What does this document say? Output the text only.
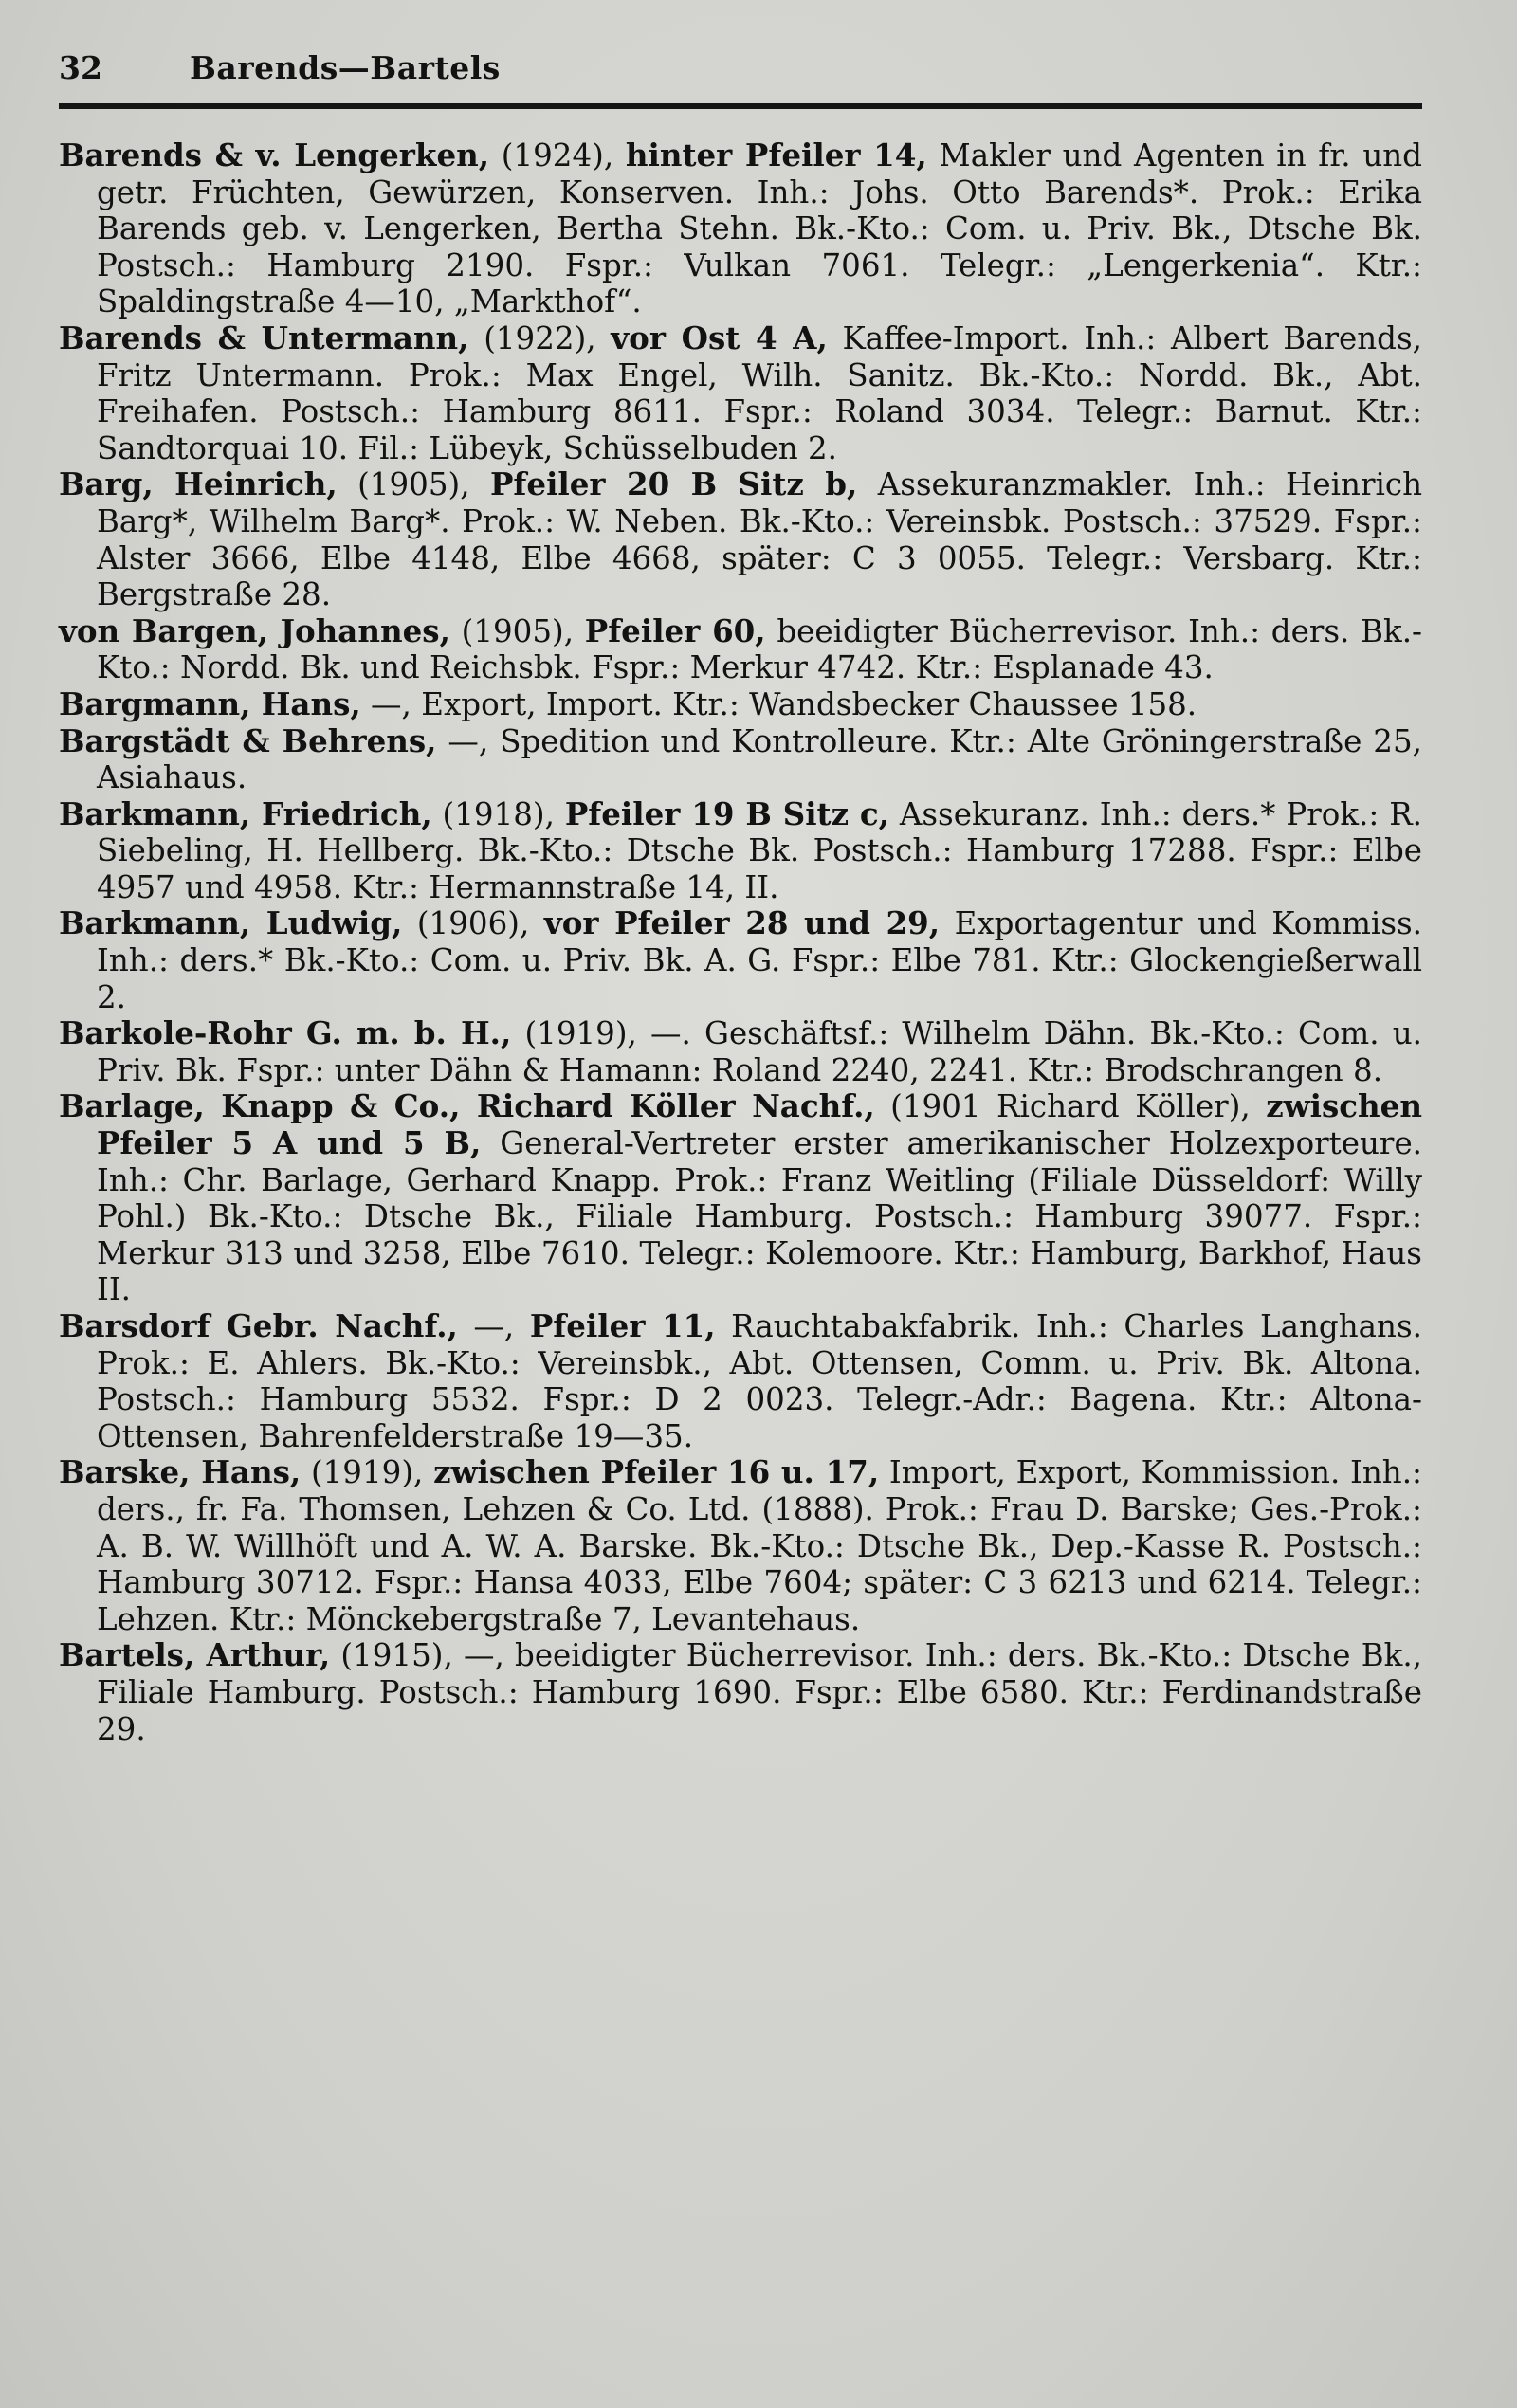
32	Barends—Bartels

Barends & v. Lengerken, (1924), hinter Pfeiler 14, Makler und Agenten in fr. und getr. Früchten, Gewürzen, Konserven. Inh.: Johs. Otto Barends*. Prok.: Erika Barends geb. v. Lengerken, Bertha Stehn. Bk.-Kto.: Com. u. Priv. Bk., Dtsche Bk. Postsch.: Hamburg 2190. Fspr.: Vulkan 7061. Telegr.: „Lengerkenia“. Ktr.: Spaldingstraße 4—10, „Markthof“.

Barends & Untermann, (1922), vor Ost 4 A, Kaffee-Import. Inh.: Albert Barends, Fritz Untermann. Prok.: Max Engel, Wilh. Sanitz. Bk.-Kto.: Nordd. Bk., Abt. Freihafen. Postsch.: Hamburg 8611. Fspr.: Roland 3034. Telegr.: Barnut. Ktr.: Sandtorquai 10. Fil.: Lübeyk, Schüsselbuden 2.

Barg, Heinrich, (1905), Pfeiler 20 B Sitz b, Assekuranzmakler. Inh.: Heinrich Barg*, Wilhelm Barg*. Prok.: W. Neben. Bk.-Kto.: Vereinsbk. Postsch.: 37529. Fspr.: Alster 3666, Elbe 4148, Elbe 4668, später: C 3 0055. Telegr.: Versbarg. Ktr.: Bergstraße 28.

von Bargen, Johannes, (1905), Pfeiler 60, beeidigter Bücherrevisor. Inh.: ders. Bk.-Kto.: Nordd. Bk. und Reichsbk. Fspr.: Merkur 4742. Ktr.: Esplanade 43.

Bargmann, Hans, —, Export, Import. Ktr.: Wandsbecker Chaussee 158.

Bargstädt & Behrens, —, Spedition und Kontrolleure. Ktr.: Alte Gröningerstraße 25, Asiahaus.

Barkmann, Friedrich, (1918), Pfeiler 19 B Sitz c, Assekuranz. Inh.: ders.* Prok.: R. Siebeling, H. Hellberg. Bk.-Kto.: Dtsche Bk. Postsch.: Hamburg 17288. Fspr.: Elbe 4957 und 4958. Ktr.: Hermannstraße 14, II.

Barkmann, Ludwig, (1906), vor Pfeiler 28 und 29, Exportagentur und Kommiss. Inh.: ders.* Bk.-Kto.: Com. u. Priv. Bk. A. G. Fspr.: Elbe 781. Ktr.: Glockengießerwall 2.

Barkole-Rohr G. m. b. H., (1919), —. Geschäftsf.: Wilhelm Dähn. Bk.-Kto.: Com. u. Priv. Bk. Fspr.: unter Dähn & Hamann: Roland 2240, 2241. Ktr.: Brodschrangen 8.

Barlage, Knapp & Co., Richard Köller Nachf., (1901 Richard Köller), zwischen Pfeiler 5 A und 5 B, General-Vertreter erster amerikanischer Holzexporteure. Inh.: Chr. Barlage, Gerhard Knapp. Prok.: Franz Weitling (Filiale Düsseldorf: Willy Pohl.) Bk.-Kto.: Dtsche Bk., Filiale Hamburg. Postsch.: Hamburg 39077. Fspr.: Merkur 313 und 3258, Elbe 7610. Telegr.: Kolemoore. Ktr.: Hamburg, Barkhof, Haus II.

Barsdorf Gebr. Nachf., —, Pfeiler 11, Rauchtabakfabrik. Inh.: Charles Langhans. Prok.: E. Ahlers. Bk.-Kto.: Vereinsbk., Abt. Ottensen, Comm. u. Priv. Bk. Altona. Postsch.: Hamburg 5532. Fspr.: D 2 0023. Telegr.-Adr.: Bagena. Ktr.: Altona-Ottensen, Bahrenfelderstraße 19—35.

Barske, Hans, (1919), zwischen Pfeiler 16 u. 17, Import, Export, Kommission. Inh.: ders., fr. Fa. Thomsen, Lehzen & Co. Ltd. (1888). Prok.: Frau D. Barske; Ges.-Prok.: A. B. W. Willhöft und A. W. A. Barske. Bk.-Kto.: Dtsche Bk., Dep.-Kasse R. Postsch.: Hamburg 30712. Fspr.: Hansa 4033, Elbe 7604; später: C 3 6213 und 6214. Telegr.: Lehzen. Ktr.: Mönckebergstraße 7, Levantehaus.

Bartels, Arthur, (1915), —, beeidigter Bücherrevisor. Inh.: ders. Bk.-Kto.: Dtsche Bk., Filiale Hamburg. Postsch.: Hamburg 1690. Fspr.: Elbe 6580. Ktr.: Ferdinandstraße 29.
